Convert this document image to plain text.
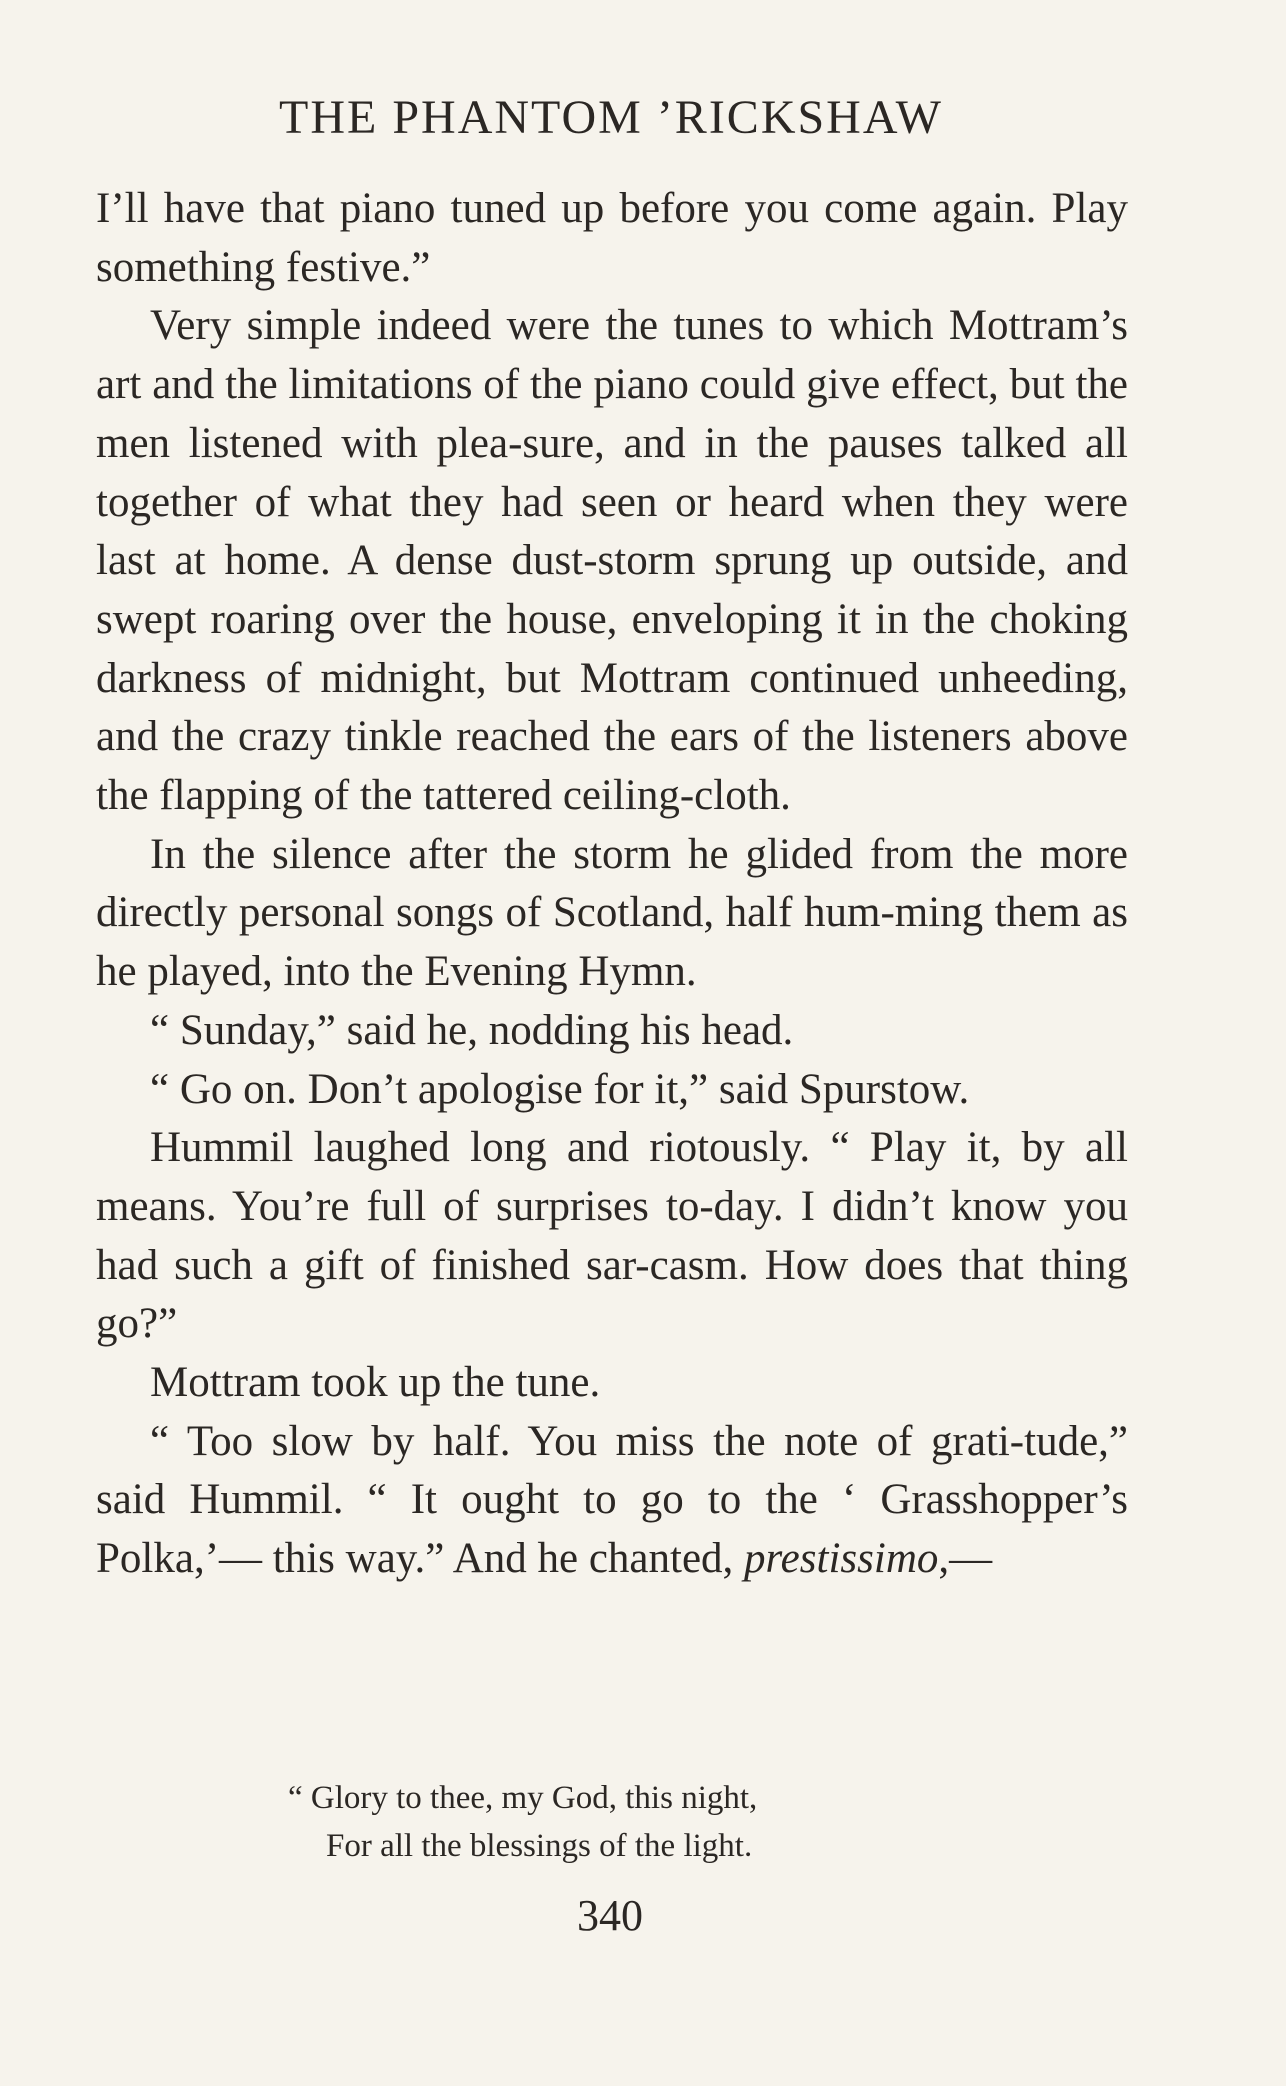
THE PHANTOM ’RICKSHAW

I’ll have that piano tuned up before you come again. Play something festive.”

Very simple indeed were the tunes to which Mottram’s art and the limitations of the piano could give effect, but the men listened with plea-sure, and in the pauses talked all together of what they had seen or heard when they were last at home. A dense dust-storm sprung up outside, and swept roaring over the house, enveloping it in the choking darkness of midnight, but Mottram continued unheeding, and the crazy tinkle reached the ears of the listeners above the flapping of the tattered ceiling-cloth.

In the silence after the storm he glided from the more directly personal songs of Scotland, half hum-ming them as he played, into the Evening Hymn.

“ Sunday,” said he, nodding his head.

“ Go on. Don’t apologise for it,” said Spurstow.

Hummil laughed long and riotously. “ Play it, by all means. You’re full of surprises to-day. I didn’t know you had such a gift of finished sar-casm. How does that thing go?”

Mottram took up the tune.

“ Too slow by half. You miss the note of grati-tude,” said Hummil. “ It ought to go to the ‘ Grasshopper’s Polka,’— this way.” And he chanted, prestissimo,—

“ Glory to thee, my God, this night,
For all the blessings of the light.
340
